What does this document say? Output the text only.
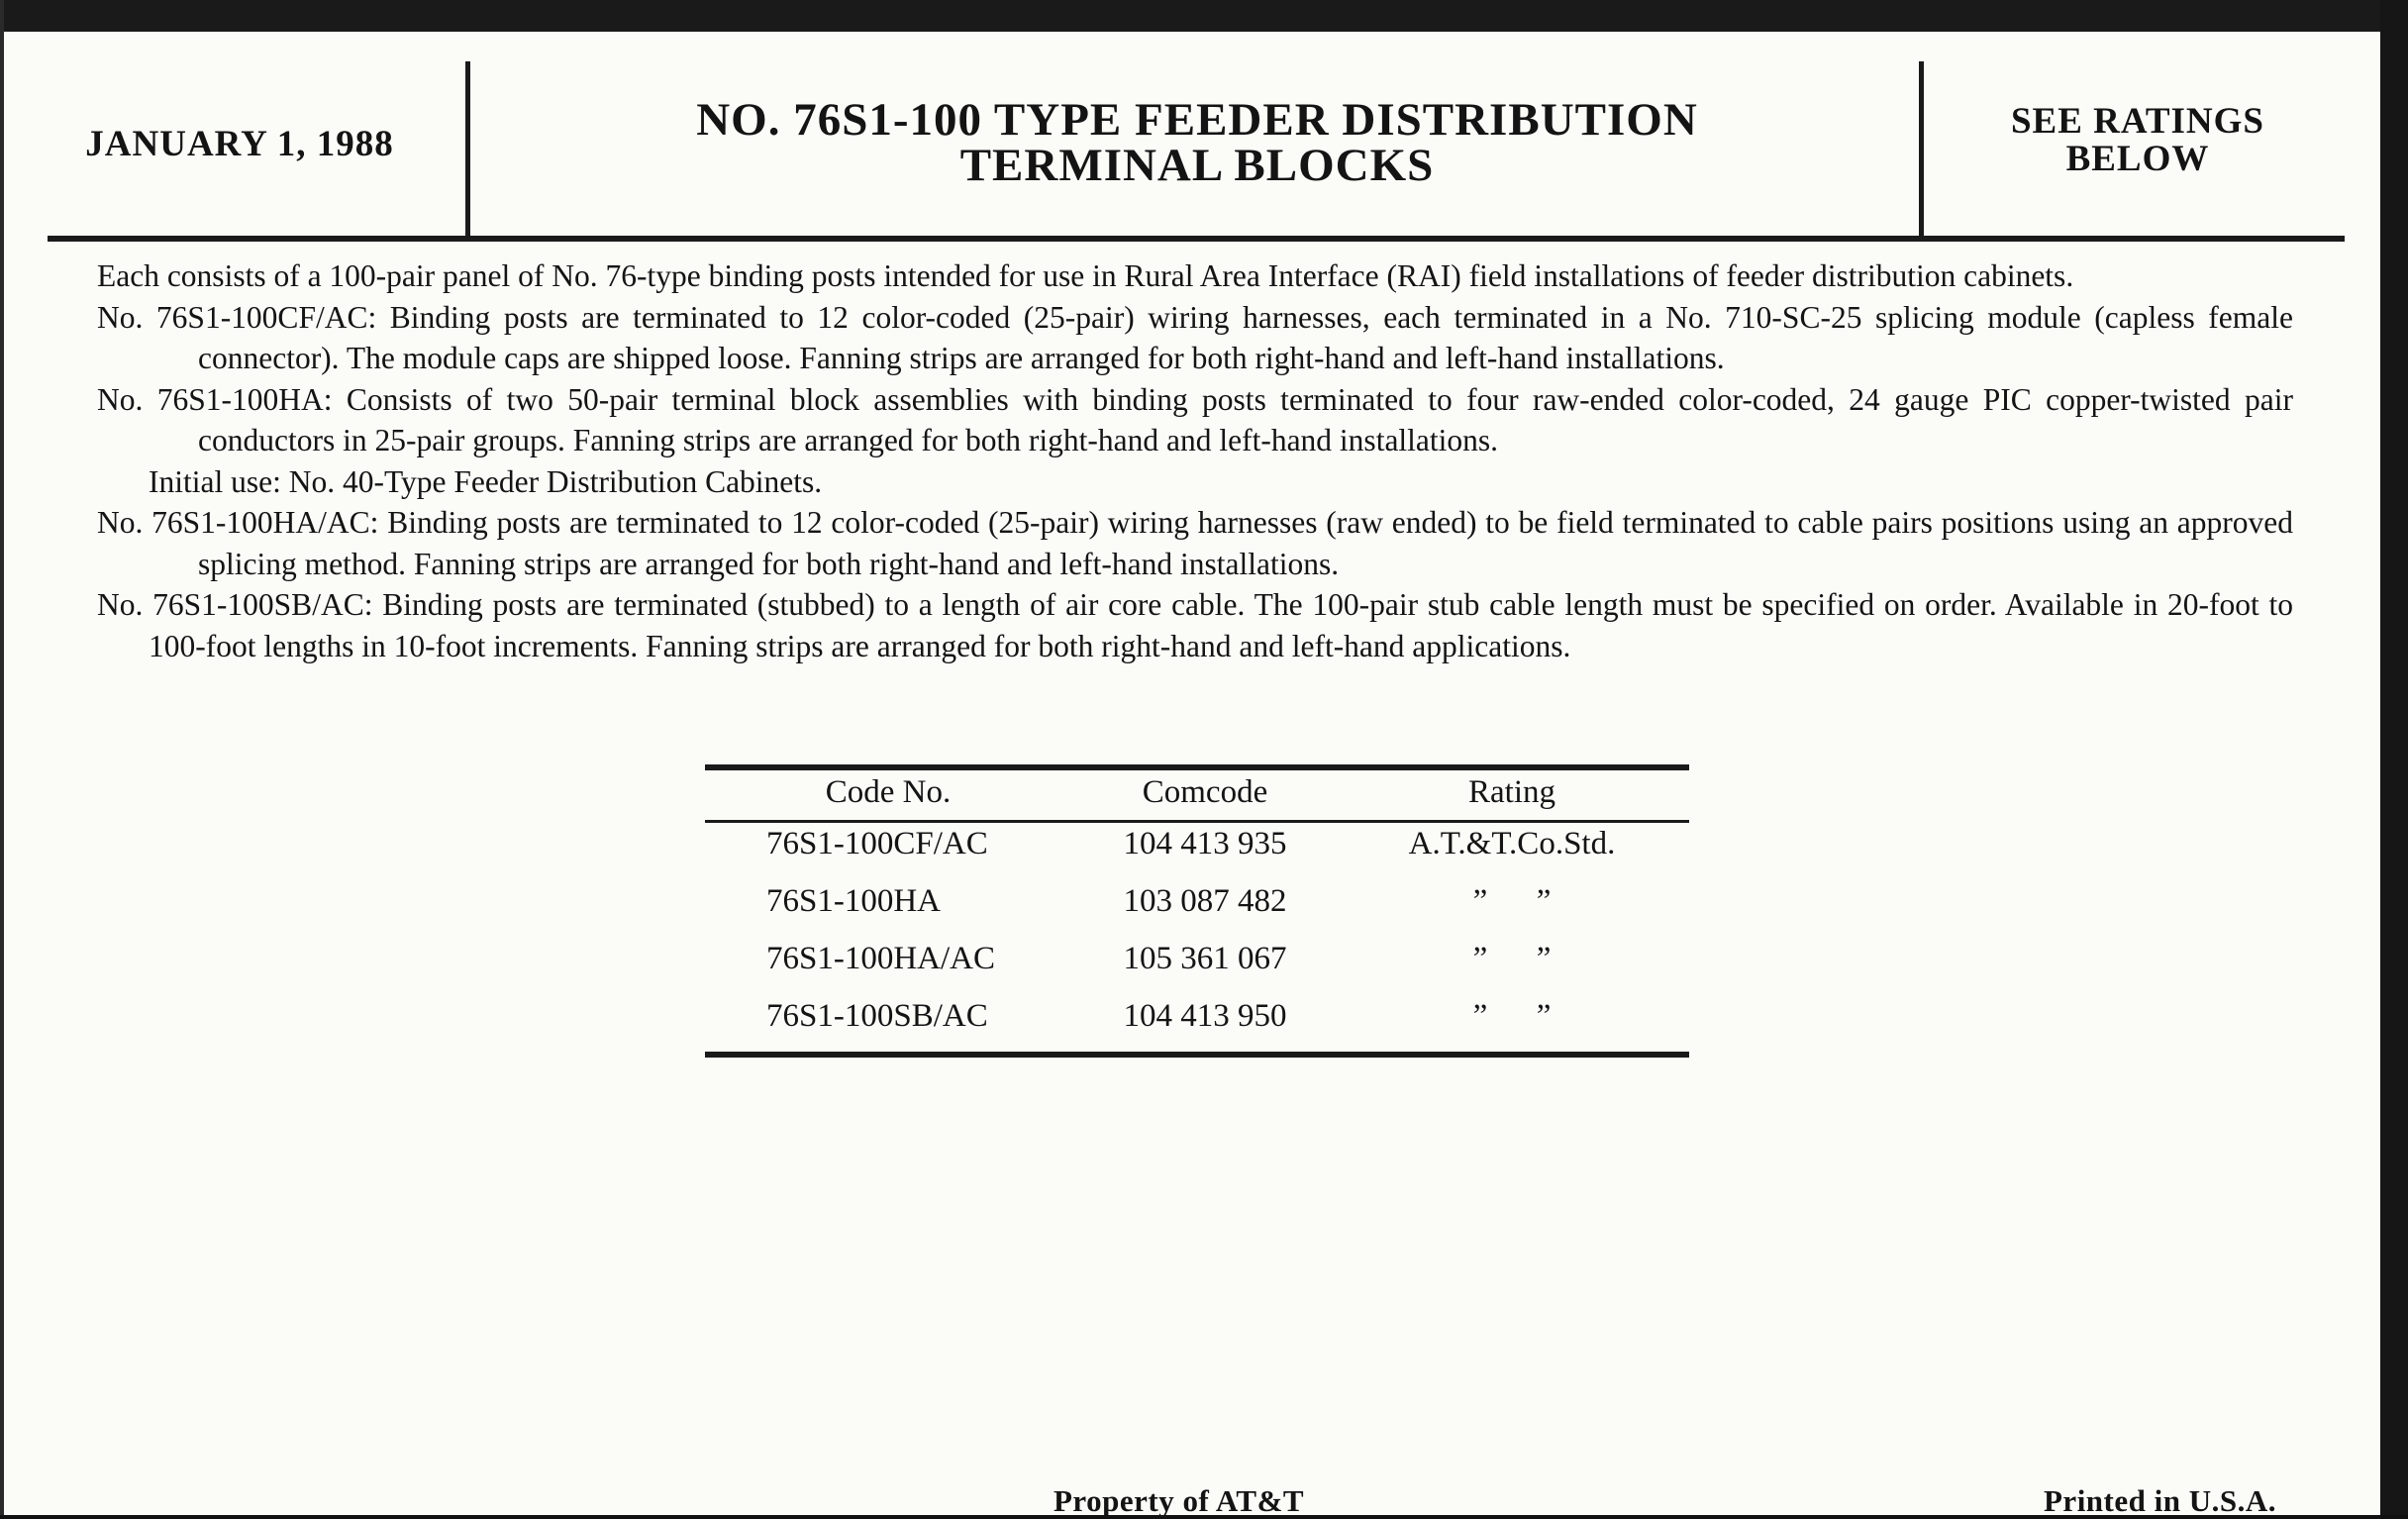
JANUARY 1, 1988	NO. 76S1-100 TYPE FEEDER DISTRIBUTION
TERMINAL BLOCKS
SEE RATINGS
BELOW

Each consists of a 100-pair panel of No. 76-type binding posts intended for use in Rural Area Interface (RAI) field installations of feeder distribution cabinets.

No. 76S1-100CF/AC: Binding posts are terminated to 12 color-coded (25-pair) wiring harnesses, each terminated in a No. 710-SC-25 splicing module (capless female connector). The module caps are shipped loose. Fanning strips are arranged for both right-hand and left-hand installations.

No. 76S1-100HA: Consists of two 50-pair terminal block assemblies with binding posts terminated to four raw-ended color-coded, 24 gauge PIC copper-twisted pair conductors in 25-pair groups. Fanning strips are arranged for both right-hand and left-hand installations.

Initial use: No. 40-Type Feeder Distribution Cabinets.

No. 76S1-100HA/AC: Binding posts are terminated to 12 color-coded (25-pair) wiring harnesses (raw ended) to be field terminated to cable pairs positions using an approved splicing method. Fanning strips are arranged for both right-hand and left-hand installations.

No. 76S1-100SB/AC: Binding posts are terminated (stubbed) to a length of air core cable. The 100-pair stub cable length must be specified on order. Available in 20-foot to 100-foot lengths in 10-foot increments. Fanning strips are arranged for both right-hand and left-hand applications.

Code No.	Comcode	Rating
76S1-100CF/AC	104 413 935	A.T.&T.Co.Std.
76S1-100HA	103 087 482	”      ”
76S1-100HA/AC	105 361 067	”      ”
76S1-100SB/AC	104 413 950	”      ”
Property of AT&T	Printed in U.S.A.
